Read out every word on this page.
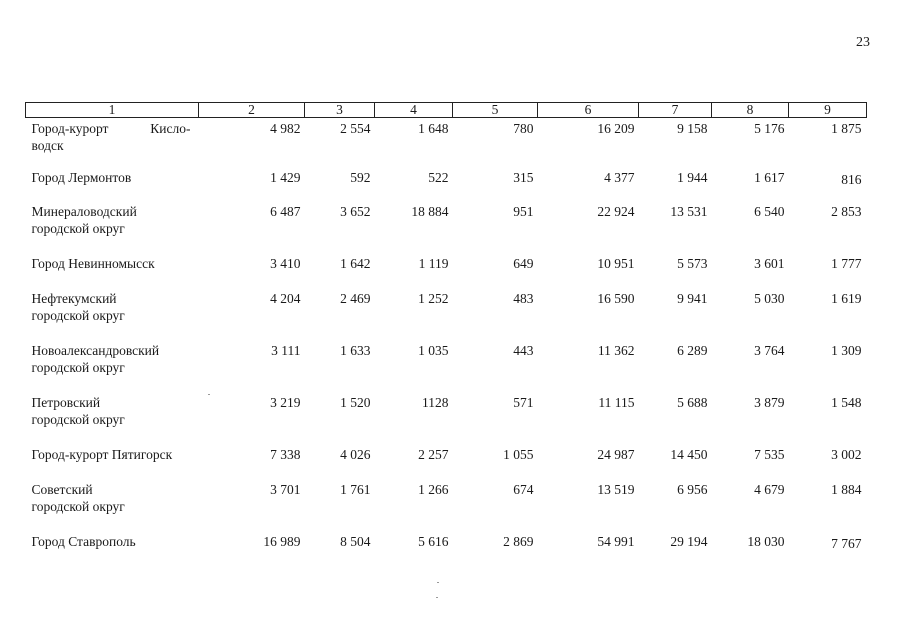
23
1	2	3	4	5	6	7	8	9

Город-курорт Кисло-
водск	4 982	2 554	1 648	780	16 209	9 158	5 176	1 875

Город Лермонтов	1 429	592	522	315	4 377	1 944	1 617	816

Минераловодский
городской округ	6 487	3 652	18 884	951	22 924	13 531	6 540	2 853

Город Невинномысск	3 410	1 642	1 119	649	10 951	5 573	3 601	1 777

Нефтекумский
городской округ	4 204	2 469	1 252	483	16 590	9 941	5 030	1 619

Новоалександровский
городской округ	3 111	1 633	1 035	443	11 362	6 289	3 764	1 309

Петровский
городской округ	3 219	1 520	1128	571	11 115	5 688	3 879	1 548

Город-курорт Пятигорск	7 338	4 026	2 257	1 055	24 987	14 450	7 535	3 002

Советский
городской округ	3 701	1 761	1 266	674	13 519	6 956	4 679	1 884

Город Ставрополь	16 989	8 504	5 616	2 869	54 991	29 194	18 030	7 767
